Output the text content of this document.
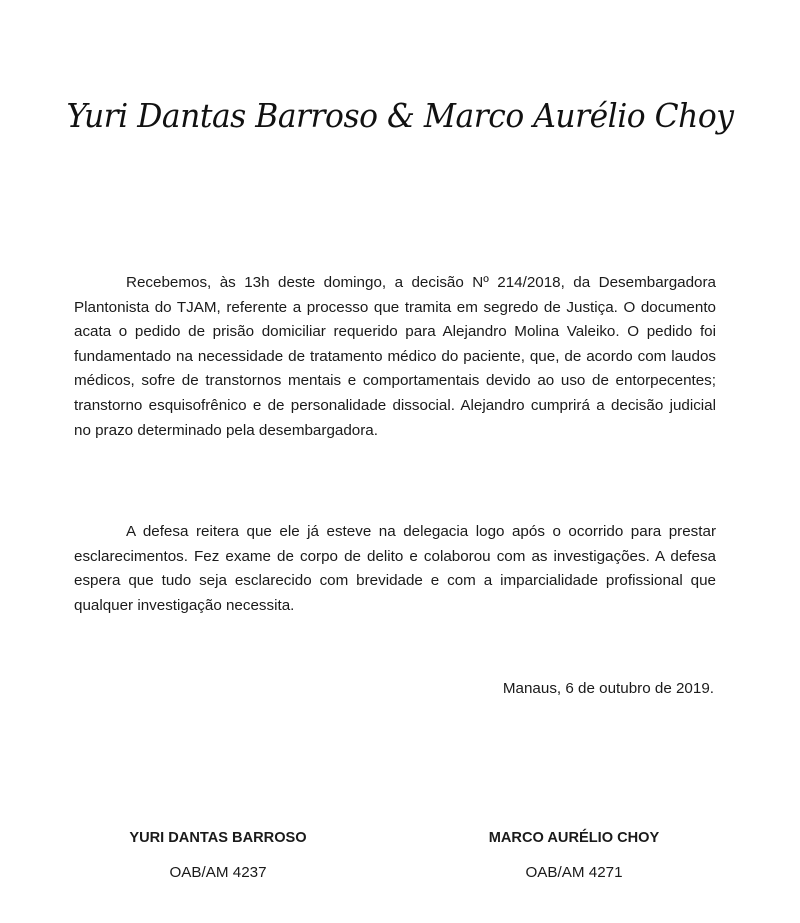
Yuri Dantas Barroso & Marco Aurélio Choy

Recebemos, às 13h deste domingo, a decisão Nº 214/2018, da Desembargadora Plantonista do TJAM, referente a processo que tramita em segredo de Justiça. O documento acata o pedido de prisão domiciliar requerido para Alejandro Molina Valeiko. O pedido foi fundamentado na necessidade de tratamento médico do paciente, que, de acordo com laudos médicos, sofre de transtornos mentais e comportamentais devido ao uso de entorpecentes; transtorno esquisofrênico e de personalidade dissocial. Alejandro cumprirá a decisão judicial no prazo determinado pela desembargadora.

A defesa reitera que ele já esteve na delegacia logo após o ocorrido para prestar esclarecimentos. Fez exame de corpo de delito e colaborou com as investigações. A defesa espera que tudo seja esclarecido com brevidade e com a imparcialidade profissional que qualquer investigação necessita.

Manaus, 6 de outubro de 2019.
YURI DANTAS BARROSO
OAB/AM 4237
MARCO AURÉLIO CHOY
OAB/AM 4271
